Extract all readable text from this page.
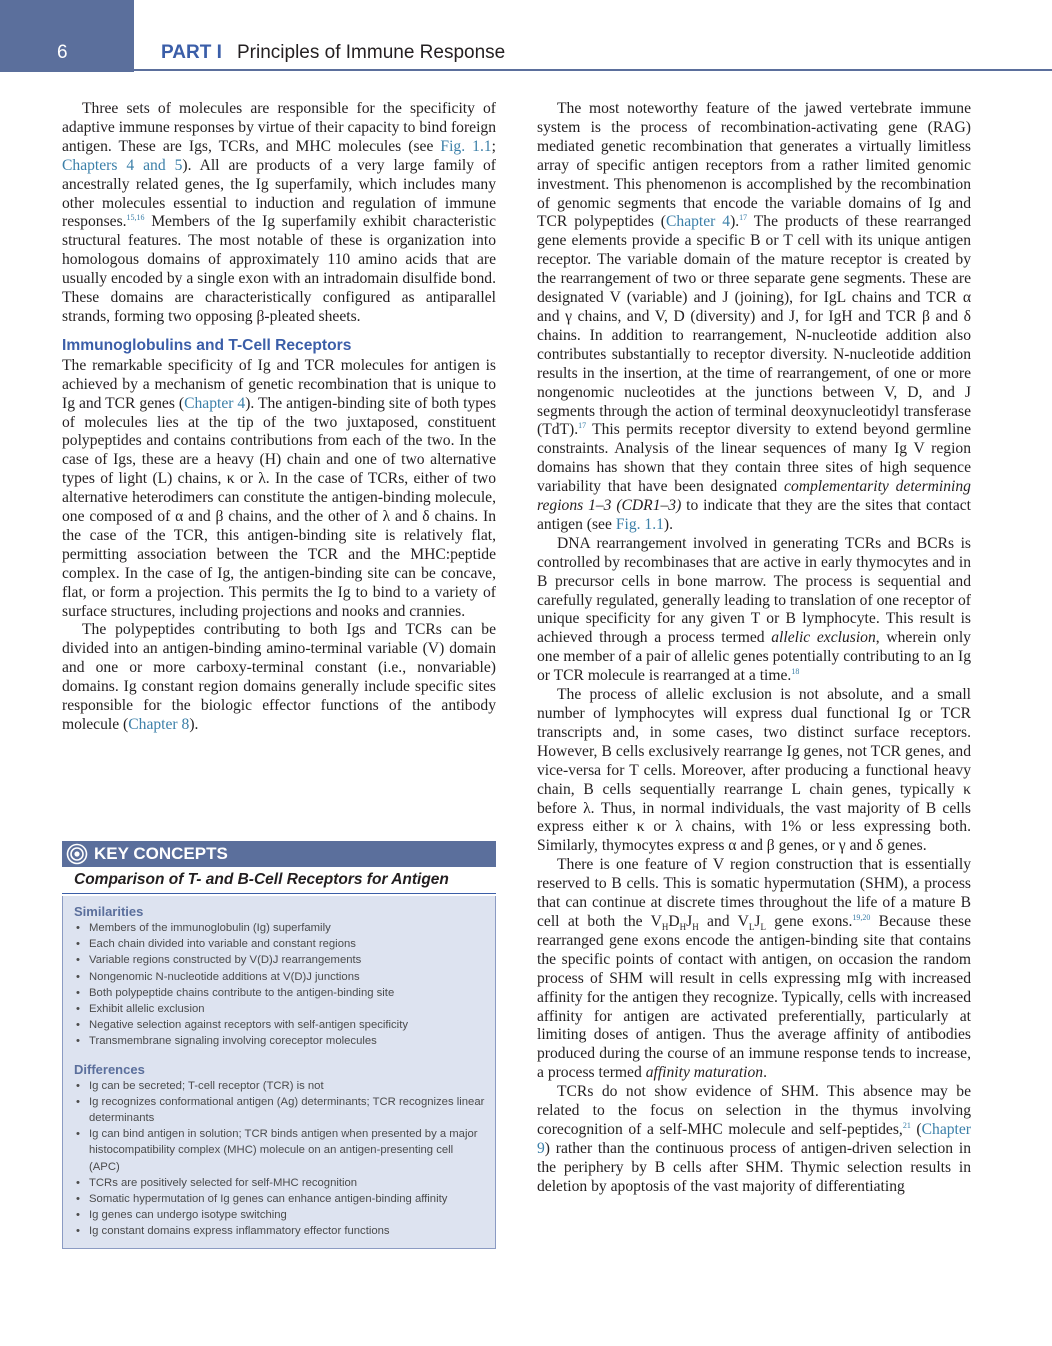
6	PART I Principles of Immune Response

Three sets of molecules are responsible for the specificity of adaptive immune responses by virtue of their capacity to bind foreign antigen. These are Igs, TCRs, and MHC molecules (see Fig. 1.1; Chapters 4 and 5). All are products of a very large family of ancestrally related genes, the Ig superfamily, which includes many other molecules essential to induction and regulation of immune responses.$^{15,16}$ Members of the Ig superfamily exhibit characteristic structural features. The most notable of these is organization into homologous domains of approximately 110 amino acids that are usually encoded by a single exon with an intradomain disulfide bond. These domains are characteristically configured as antiparallel strands, forming two opposing β-pleated sheets.

Immunoglobulins and T-Cell Receptors

The remarkable specificity of Ig and TCR molecules for antigen is achieved by a mechanism of genetic recombination that is unique to Ig and TCR genes (Chapter 4). The antigen-binding site of both types of molecules lies at the tip of the two juxtaposed, constituent polypeptides and contains contributions from each of the two. In the case of Igs, these are a heavy (H) chain and one of two alternative types of light (L) chains, κ or λ. In the case of TCRs, either of two alternative heterodimers can constitute the antigen-binding molecule, one composed of α and β chains, and the other of λ and δ chains. In the case of the TCR, this antigen-binding site is relatively flat, permitting association between the TCR and the MHC:peptide complex. In the case of Ig, the antigen-binding site can be concave, flat, or form a projection. This permits the Ig to bind to a variety of surface structures, including projections and nooks and crannies.

The polypeptides contributing to both Igs and TCRs can be divided into an antigen-binding amino-terminal variable (V) domain and one or more carboxy-terminal constant (i.e., nonvariable) domains. Ig constant region domains generally include specific sites responsible for the biologic effector functions of the antibody molecule (Chapter 8).

KEY CONCEPTS
Comparison of T- and B-Cell Receptors for Antigen
Similarities
• Members of the immunoglobulin (Ig) superfamily
• Each chain divided into variable and constant regions
• Variable regions constructed by V(D)J rearrangements
• Nongenomic N-nucleotide additions at V(D)J junctions
• Both polypeptide chains contribute to the antigen-binding site
• Exhibit allelic exclusion
• Negative selection against receptors with self-antigen specificity
• Transmembrane signaling involving coreceptor molecules
Differences
• Ig can be secreted; T-cell receptor (TCR) is not
• Ig recognizes conformational antigen (Ag) determinants; TCR recognizes linear determinants
• Ig can bind antigen in solution; TCR binds antigen when presented by a major histocompatibility complex (MHC) molecule on an antigen-presenting cell (APC)
• TCRs are positively selected for self-MHC recognition
• Somatic hypermutation of Ig genes can enhance antigen-binding affinity
• Ig genes can undergo isotype switching
• Ig constant domains express inflammatory effector functions

The most noteworthy feature of the jawed vertebrate immune system is the process of recombination-activating gene (RAG) mediated genetic recombination that generates a virtually limitless array of specific antigen receptors from a rather limited genomic investment. This phenomenon is accomplished by the recombination of genomic segments that encode the variable domains of Ig and TCR polypeptides (Chapter 4).$^{17}$ The products of these rearranged gene elements provide a specific B or T cell with its unique antigen receptor. The variable domain of the mature receptor is created by the rearrangement of two or three separate gene segments. These are designated V (variable) and J (joining), for IgL chains and TCR α and γ chains, and V, D (diversity) and J, for IgH and TCR β and δ chains. In addition to rearrangement, N-nucleotide addition also contributes substantially to receptor diversity. N-nucleotide addition results in the insertion, at the time of rearrangement, of one or more nongenomic nucleotides at the junctions between V, D, and J segments through the action of terminal deoxynucleotidyl transferase (TdT).$^{17}$ This permits receptor diversity to extend beyond germline constraints. Analysis of the linear sequences of many Ig V region domains has shown that they contain three sites of high sequence variability that have been designated complementarity determining regions 1–3 (CDR1–3) to indicate that they are the sites that contact antigen (see Fig. 1.1).

DNA rearrangement involved in generating TCRs and BCRs is controlled by recombinases that are active in early thymocytes and in B precursor cells in bone marrow. The process is sequential and carefully regulated, generally leading to translation of one receptor of unique specificity for any given T or B lymphocyte. This result is achieved through a process termed allelic exclusion, wherein only one member of a pair of allelic genes potentially contributing to an Ig or TCR molecule is rearranged at a time.$^{18}$

The process of allelic exclusion is not absolute, and a small number of lymphocytes will express dual functional Ig or TCR transcripts and, in some cases, two distinct surface receptors. However, B cells exclusively rearrange Ig genes, not TCR genes, and vice-versa for T cells. Moreover, after producing a functional heavy chain, B cells sequentially rearrange L chain genes, typically κ before λ. Thus, in normal individuals, the vast majority of B cells express either κ or λ chains, with 1% or less expressing both. Similarly, thymocytes express α and β genes, or γ and δ genes.

There is one feature of V region construction that is essentially reserved to B cells. This is somatic hypermutation (SHM), a process that can continue at discrete times throughout the life of a mature B cell at both the $V_HD_HJ_H$ and $V_LJ_L$ gene exons.$^{19,20}$ Because these rearranged gene exons encode the antigen-binding site that contains the specific points of contact with antigen, on occasion the random process of SHM will result in cells expressing mIg with increased affinity for the antigen they recognize. Typically, cells with increased affinity for antigen are activated preferentially, particularly at limiting doses of antigen. Thus the average affinity of antibodies produced during the course of an immune response tends to increase, a process termed affinity maturation.

TCRs do not show evidence of SHM. This absence may be related to the focus on selection in the thymus involving corecognition of a self-MHC molecule and self-peptides,$^{21}$ (Chapter 9) rather than the continuous process of antigen-driven selection in the periphery by B cells after SHM. Thymic selection results in deletion by apoptosis of the vast majority of differentiating
